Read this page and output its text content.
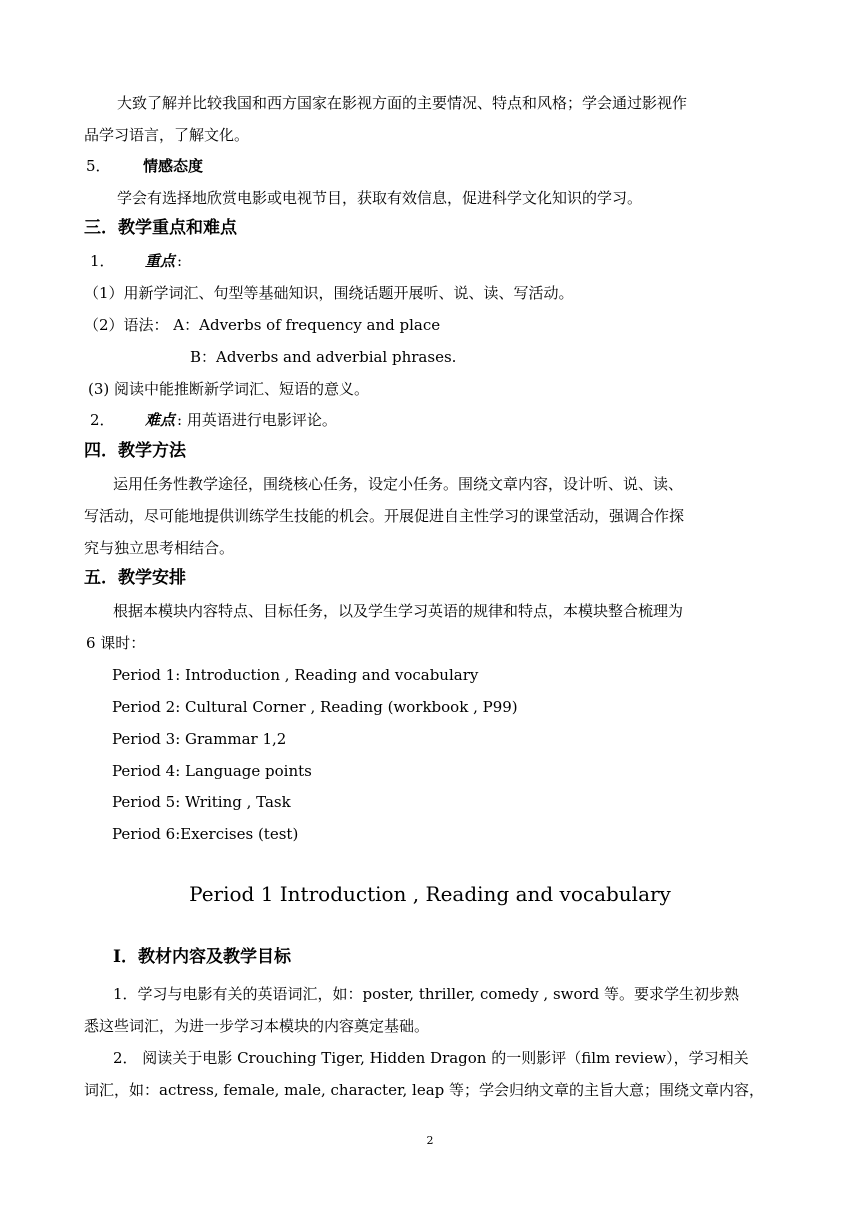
大致了解并比较我国和西方国家在影视方面的主要情况、特点和风格；学会通过影视作
品学习语言，了解文化。
5． 情感态度
学会有选择地欣赏电影或电视节目，获取有效信息，促进科学文化知识的学习。
三．教学重点和难点
1． 重点 :
（1）用新学词汇、句型等基础知识，围绕话题开展听、说、读、写活动。
（2）语法： A：Adverbs of frequency and place
B：Adverbs and adverbial phrases.
(3) 阅读中能推断新学词汇、短语的意义。
2． 难点 : 用英语进行电影评论。
四．教学方法
运用任务性教学途径，围绕核心任务，设定小任务。围绕文章内容，设计听、说、读、
写活动，尽可能地提供训练学生技能的机会。开展促进自主性学习的课堂活动，强调合作探
究与独立思考相结合。
五．教学安排
根据本模块内容特点、目标任务，以及学生学习英语的规律和特点，本模块整合梳理为
6 课时：
Period 1: Introduction , Reading and vocabulary
Period 2: Cultural Corner , Reading (workbook , P99)
Period 3: Grammar 1,2
Period 4: Language points
Period 5: Writing , Task
Period 6:Exercises (test)
Period 1 Introduction , Reading and vocabulary
I．教材内容及教学目标
1．学习与电影有关的英语词汇，如：poster, thriller, comedy , sword 等。要求学生初步熟
悉这些词汇，为进一步学习本模块的内容奠定基础。
2． 阅读关于电影 Crouching Tiger, Hidden Dragon 的一则影评（film review），学习相关
词汇，如：actress, female, male, character, leap 等；学会归纳文章的主旨大意；围绕文章内容，
2
